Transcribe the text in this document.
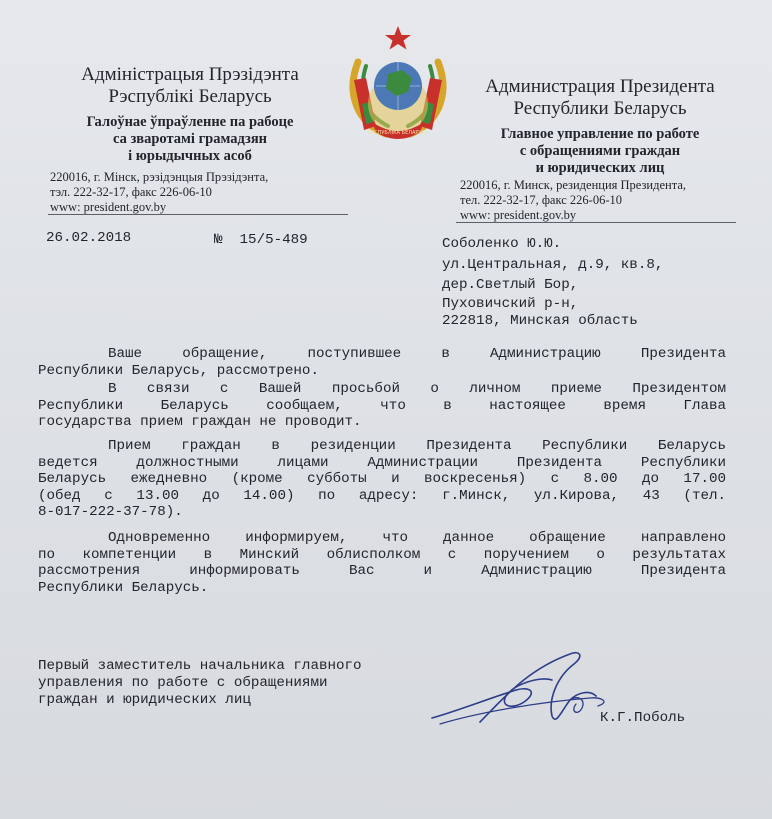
Адміністрацыя Прэзідэнта
Рэспублікі Беларусь
Галоўнае ўпраўленне па рабоце
са зваротамі грамадзян
і юрыдычных асоб
220016, г. Мінск, рэзідэнцыя Прэзідэнта,
тэл. 222-32-17, факс 226-06-10
www: president.gov.by
РЭСПУБЛІКА БЕЛАРУСЬ
Администрация Президента
Республики Беларусь
Главное управление по работе
с обращениями граждан
и юридических лиц
220016, г. Минск, резиденция Президента,
тел. 222-32-17, факс 226-06-10
www: president.gov.by
26.02.2018	№  15/5-489	Соболенко Ю.Ю.
ул.Центральная, д.9, кв.8,
дер.Светлый Бор,
Пуховичский р-н,
222818, Минская область
Ваше обращение, поступившее в Администрацию Президента
Республики Беларусь, рассмотрено.
В связи с Вашей просьбой о личном приеме Президентом
Республики Беларусь сообщаем, что в настоящее время Глава
государства прием граждан не проводит.
Прием граждан в резиденции Президента Республики Беларусь
ведется должностными лицами Администрации Президента Республики
Беларусь ежедневно (кроме субботы и воскресенья) с 8.00 до 17.00
(обед с 13.00 до 14.00) по адресу: г.Минск, ул.Кирова, 43 (тел.
8-017-222-37-78).
Одновременно информируем, что данное обращение направлено
по компетенции в Минский облисполком с поручением о результатах
рассмотрения информировать Вас и Администрацию Президента
Республики Беларусь.
Первый заместитель начальника главного
управления по работе с обращениями
граждан и юридических лиц
К.Г.Поболь
